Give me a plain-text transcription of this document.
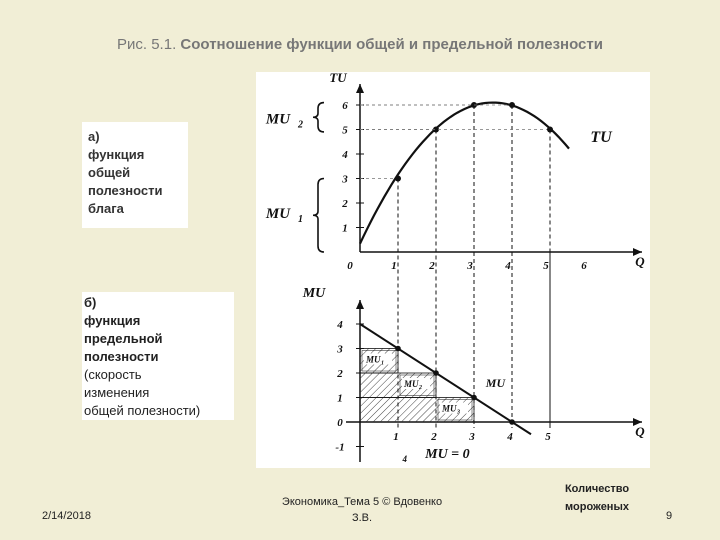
Рис. 5.1. Соотношение функции общей и предельной полезности
а)
функция
общей
полезности
блага
б)
функция
предельной
полезности
(скорость
изменения
общей полезности)
TU
Q
1
2
3
4
5
6
0	1	2	3	4	5	6
TU
MU 2
MU 1
MU
Q
4
3
2
1
0
-1
MU 1
MU 2
MU 3
MU
1	2	3	4	5
MU = 0
4
2/14/2018
Экономика_Тема 5 © Вдовенко
З.В.
Количество
мороженых
9
